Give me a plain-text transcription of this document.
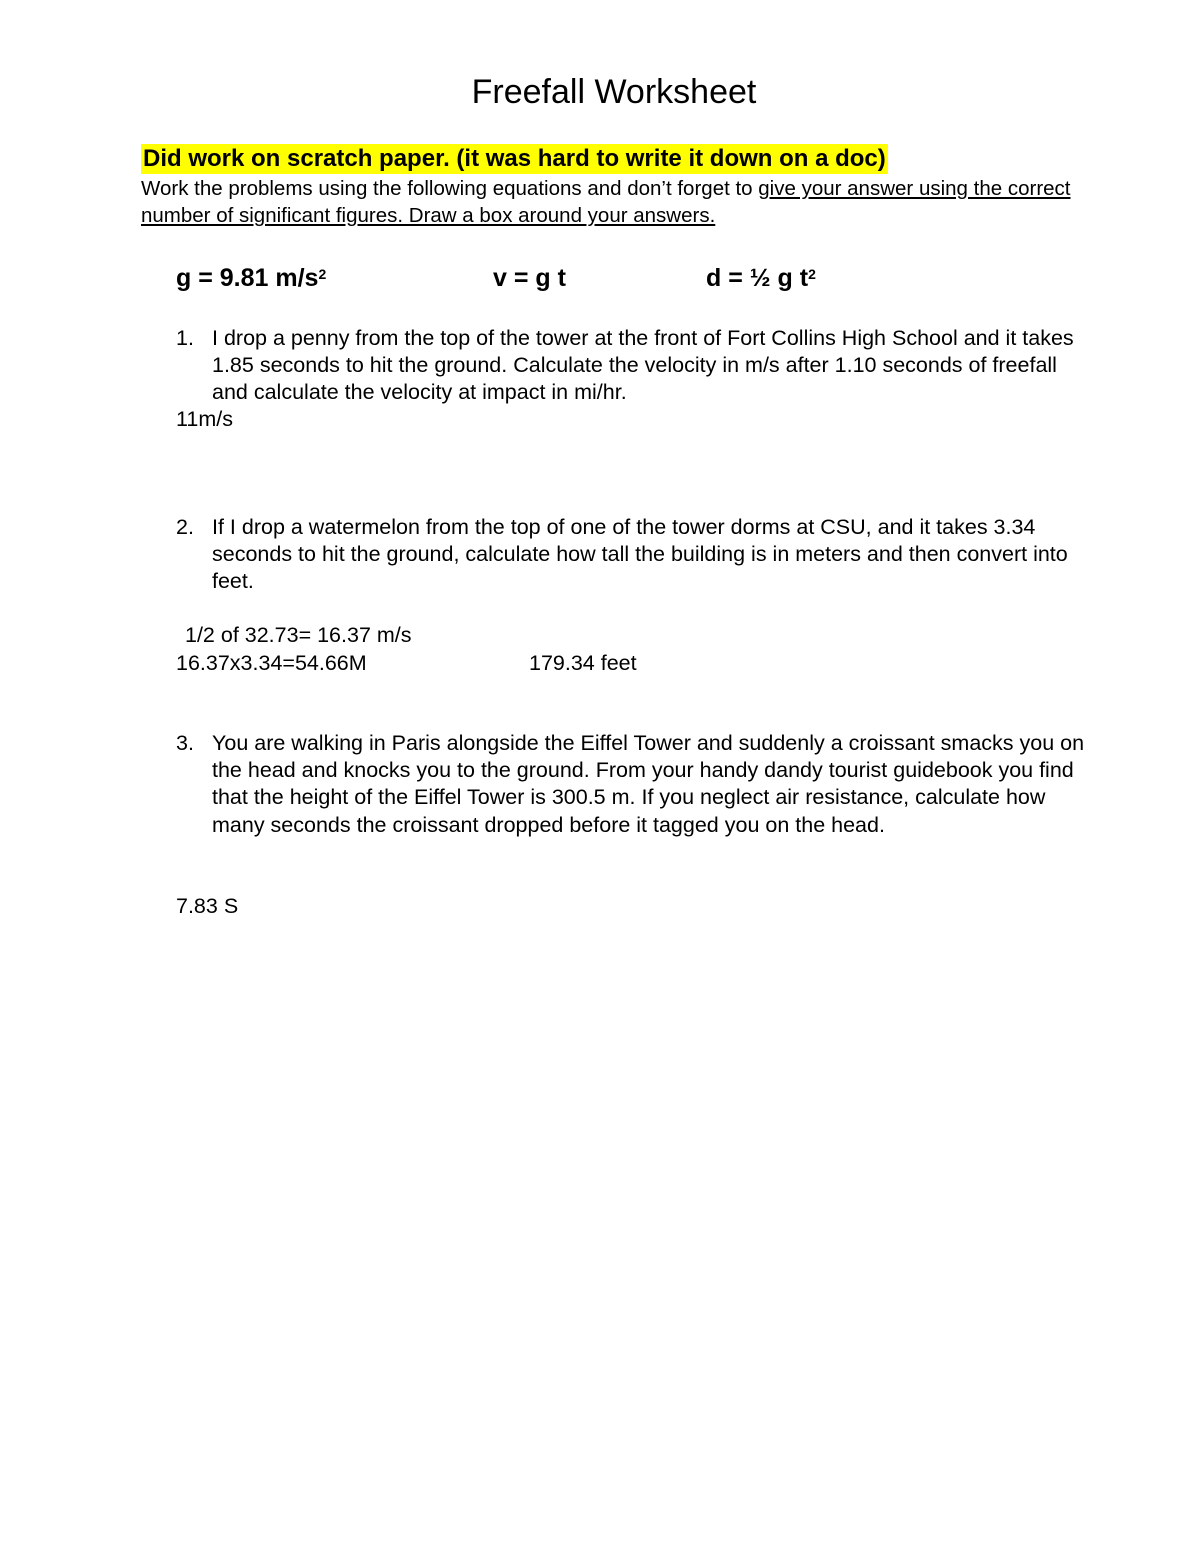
Freefall Worksheet
Did work on scratch paper. (it was hard to write it down on a doc)
Work the problems using the following equations and don’t forget to give your answer using the correct number of significant figures. Draw a box around your answers.
g = 9.81 $m/s^2$	v = g t	d = ½ g $t^2$
1. I drop a penny from the top of the tower at the front of Fort Collins High School and it takes 1.85 seconds to hit the ground. Calculate the velocity in m/s after 1.10 seconds of freefall and calculate the velocity at impact in mi/hr.
11m/s
2. If I drop a watermelon from the top of one of the tower dorms at CSU, and it takes 3.34 seconds to hit the ground, calculate how tall the building is in meters and then convert into feet.
1/2 of 32.73= 16.37 m/s
16.37x3.34=54.66M	179.34 feet
3. You are walking in Paris alongside the Eiffel Tower and suddenly a croissant smacks you on the head and knocks you to the ground. From your handy dandy tourist guidebook you find that the height of the Eiffel Tower is 300.5 m. If you neglect air resistance, calculate how many seconds the croissant dropped before it tagged you on the head.
7.83 S
